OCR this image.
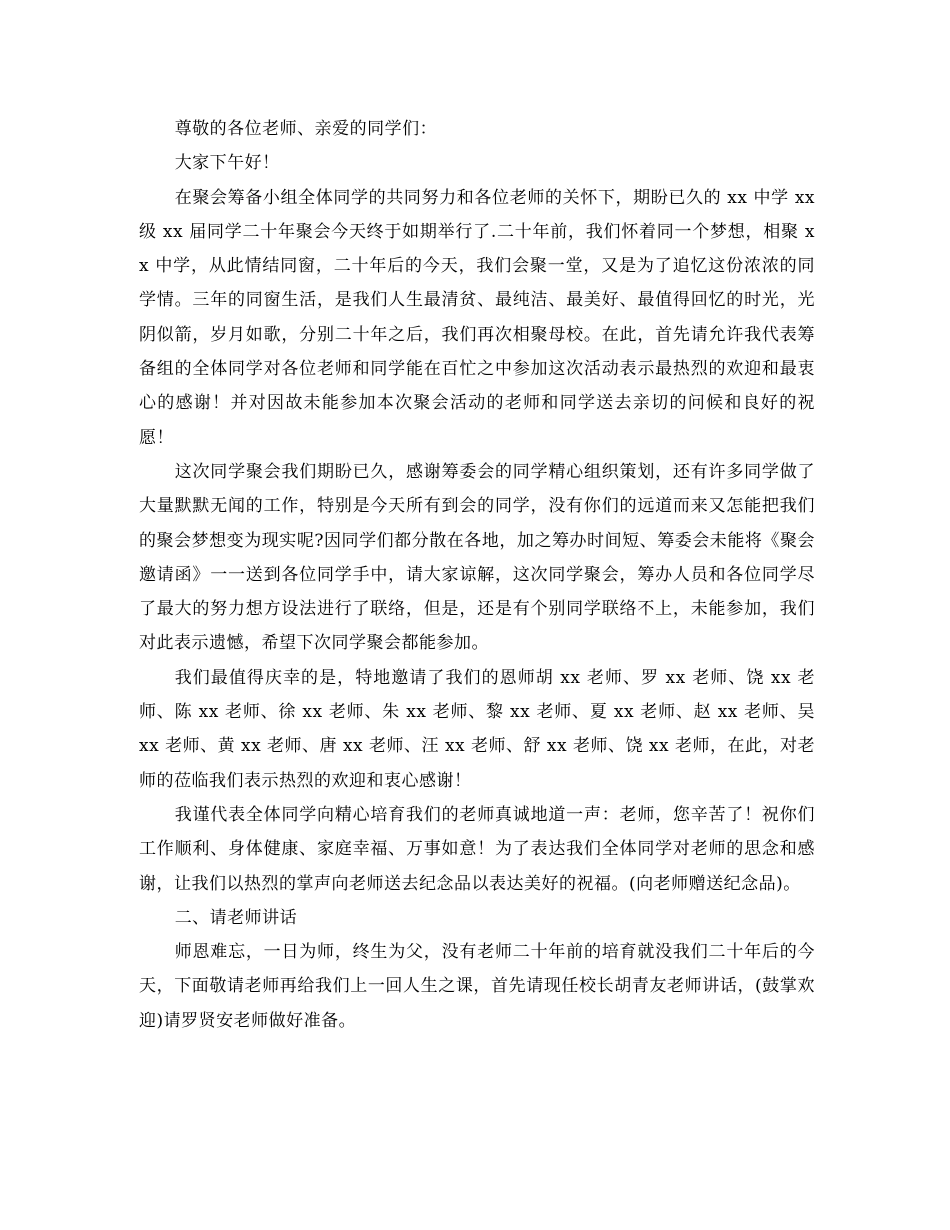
尊敬的各位老师、亲爱的同学们：

大家下午好！

在聚会筹备小组全体同学的共同努力和各位老师的关怀下，期盼已久的 xx 中学 xx 级 xx 届同学二十年聚会今天终于如期举行了.二十年前，我们怀着同一个梦想，相聚 xx 中学，从此情结同窗，二十年后的今天，我们会聚一堂，又是为了追忆这份浓浓的同学情。三年的同窗生活，是我们人生最清贫、最纯洁、最美好、最值得回忆的时光，光阴似箭，岁月如歌，分别二十年之后，我们再次相聚母校。在此，首先请允许我代表筹备组的全体同学对各位老师和同学能在百忙之中参加这次活动表示最热烈的欢迎和最衷心的感谢！并对因故未能参加本次聚会活动的老师和同学送去亲切的问候和良好的祝愿！

这次同学聚会我们期盼已久，感谢筹委会的同学精心组织策划，还有许多同学做了大量默默无闻的工作，特别是今天所有到会的同学，没有你们的远道而来又怎能把我们的聚会梦想变为现实呢?因同学们都分散在各地，加之筹办时间短、筹委会未能将《聚会邀请函》一一送到各位同学手中，请大家谅解，这次同学聚会，筹办人员和各位同学尽了最大的努力想方设法进行了联络，但是，还是有个别同学联络不上，未能参加，我们对此表示遗憾，希望下次同学聚会都能参加。

我们最值得庆幸的是，特地邀请了我们的恩师胡 xx 老师、罗 xx 老师、饶 xx 老师、陈 xx 老师、徐 xx 老师、朱 xx 老师、黎 xx 老师、夏 xx 老师、赵 xx 老师、吴 xx 老师、黄 xx 老师、唐 xx 老师、汪 xx 老师、舒 xx 老师、饶 xx 老师，在此，对老师的莅临我们表示热烈的欢迎和衷心感谢！

我谨代表全体同学向精心培育我们的老师真诚地道一声：老师，您辛苦了！祝你们工作顺利、身体健康、家庭幸福、万事如意！为了表达我们全体同学对老师的思念和感谢，让我们以热烈的掌声向老师送去纪念品以表达美好的祝福。(向老师赠送纪念品)。

二、请老师讲话

师恩难忘，一日为师，终生为父，没有老师二十年前的培育就没我们二十年后的今天，下面敬请老师再给我们上一回人生之课，首先请现任校长胡青友老师讲话，(鼓掌欢迎)请罗贤安老师做好准备。
